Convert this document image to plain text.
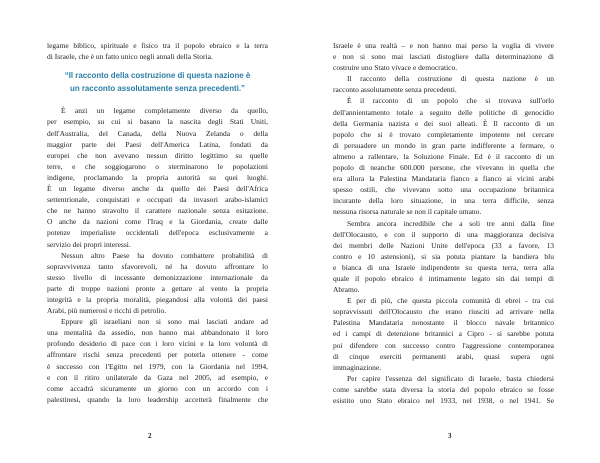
legame biblico, spirituale e fisico tra il popolo ebraico e la terra
di Israele, che è un fatto unico negli annali della Storia.
“Il racconto della costruzione di questa nazione è
un racconto assolutamente senza precedenti.”
È anzi un legame completamente diverso da quello,
per esempio, su cui si basano la nascita degli Stati Uniti,
dell'Australia, del Canada, della Nuova Zelanda o della
maggior parte dei Paesi dell'America Latina, fondati da
europei che non avevano nessun diritto legittimo su quelle
terre, e che soggiogarono o sterminarono le popolazioni
indigene, proclamando la propria autorità su quei luoghi.
È un legame diverso anche da quello dei Paesi dell'Africa
settentrionale, conquistati e occupati da invasori arabo-islamici
che ne hanno stravolto il carattere nazionale senza esitazione.
O anche da nazioni come l'Iraq e la Giordania, create dalle
potenze imperialiste occidentali dell'epoca esclusivamente a
servizio dei propri interessi.
Nessun altro Paese ha dovuto combattere probabilità di
sopravvivenza tanto sfavorevoli, né ha dovuto affrontare lo
stesso livello di incessante demonizzazione internazionale da
parte di troppe nazioni pronte a gettare al vento la propria
integrità e la propria moralità, piegandosi alla volontà dei paesi
Arabi, più numerosi e ricchi di petrolio.
Eppure gli israeliani non si sono mai lasciati andare ad
una mentalità da assedio, non hanno mai abbandonato il loro
profondo desiderio di pace con i loro vicini e la loro volontà di
affrontare rischi senza precedenti per poterla ottenere - come
è successo con l'Egitto nel 1979, con la Giordania nel 1994,
e con il ritiro unilaterale da Gaza nel 2005, ad esempio, e
come accadrà sicuramente un giorno con un accordo con i
palestinesi, quando la loro leadership accetterà finalmente che
2
Israele è una realtà – e non hanno mai perso la voglia di vivere
e non si sono mai lasciati distogliere dalla determinazione di
costruire uno Stato vivace e democratico.
Il racconto della costruzione di questa nazione è un
racconto assolutamente senza precedenti.
È il racconto di un popolo che si trovava sull'orlo
dell'annientamento totale a seguito delle politiche di genocidio
della Germania nazista e dei suoi alleati. È Il racconto di un
popolo che si è trovato completamente impotente nel cercare
di persuadere un mondo in gran parte indifferente a fermare, o
almeno a rallentare, la Soluzione Finale. Ed è il racconto di un
popolo di neanche 600.000 persone, che vivevano in quella che
era allora la Palestina Mandataria fianco a fianco ai vicini arabi
spesso ostili, che vivevano sotto una occupazione britannica
incurante della loro situazione, in una terra difficile, senza
nessuna risorsa naturale se non il capitale umano.
Sembra ancora incredibile che a soli tre anni dalla fine
dell'Olocausto, e con il supporto di una maggioranza decisiva
dei membri delle Nazioni Unite dell'epoca (33 a favore, 13
contro e 10 astensioni), si sia potuta piantare la bandiera blu
e bianca di una Israele indipendente su questa terra, terra alla
quale il popolo ebraico è intimamente legato sin dai tempi di
Abramo.
E per di più, che questa piccola comunità di ebrei - tra cui
sopravvissuti dell'Olocausto che erano riusciti ad arrivare nella
Palestina Mandataria nonostante il blocco navale britannico
ed i campi di detenzione britannici a Cipro - si sarebbe potuta
poi difendere con successo contro l'aggressione contemporanea
di cinque eserciti permanenti arabi, quasi supera ogni
immaginazione.
Per capire l'essenza del significato di Israele, basta chiedersi
come sarebbe stata diversa la storia del popolo ebraico se fosse
esistito uno Stato ebraico nel 1933, nel 1938, o nel 1941. Se
3
